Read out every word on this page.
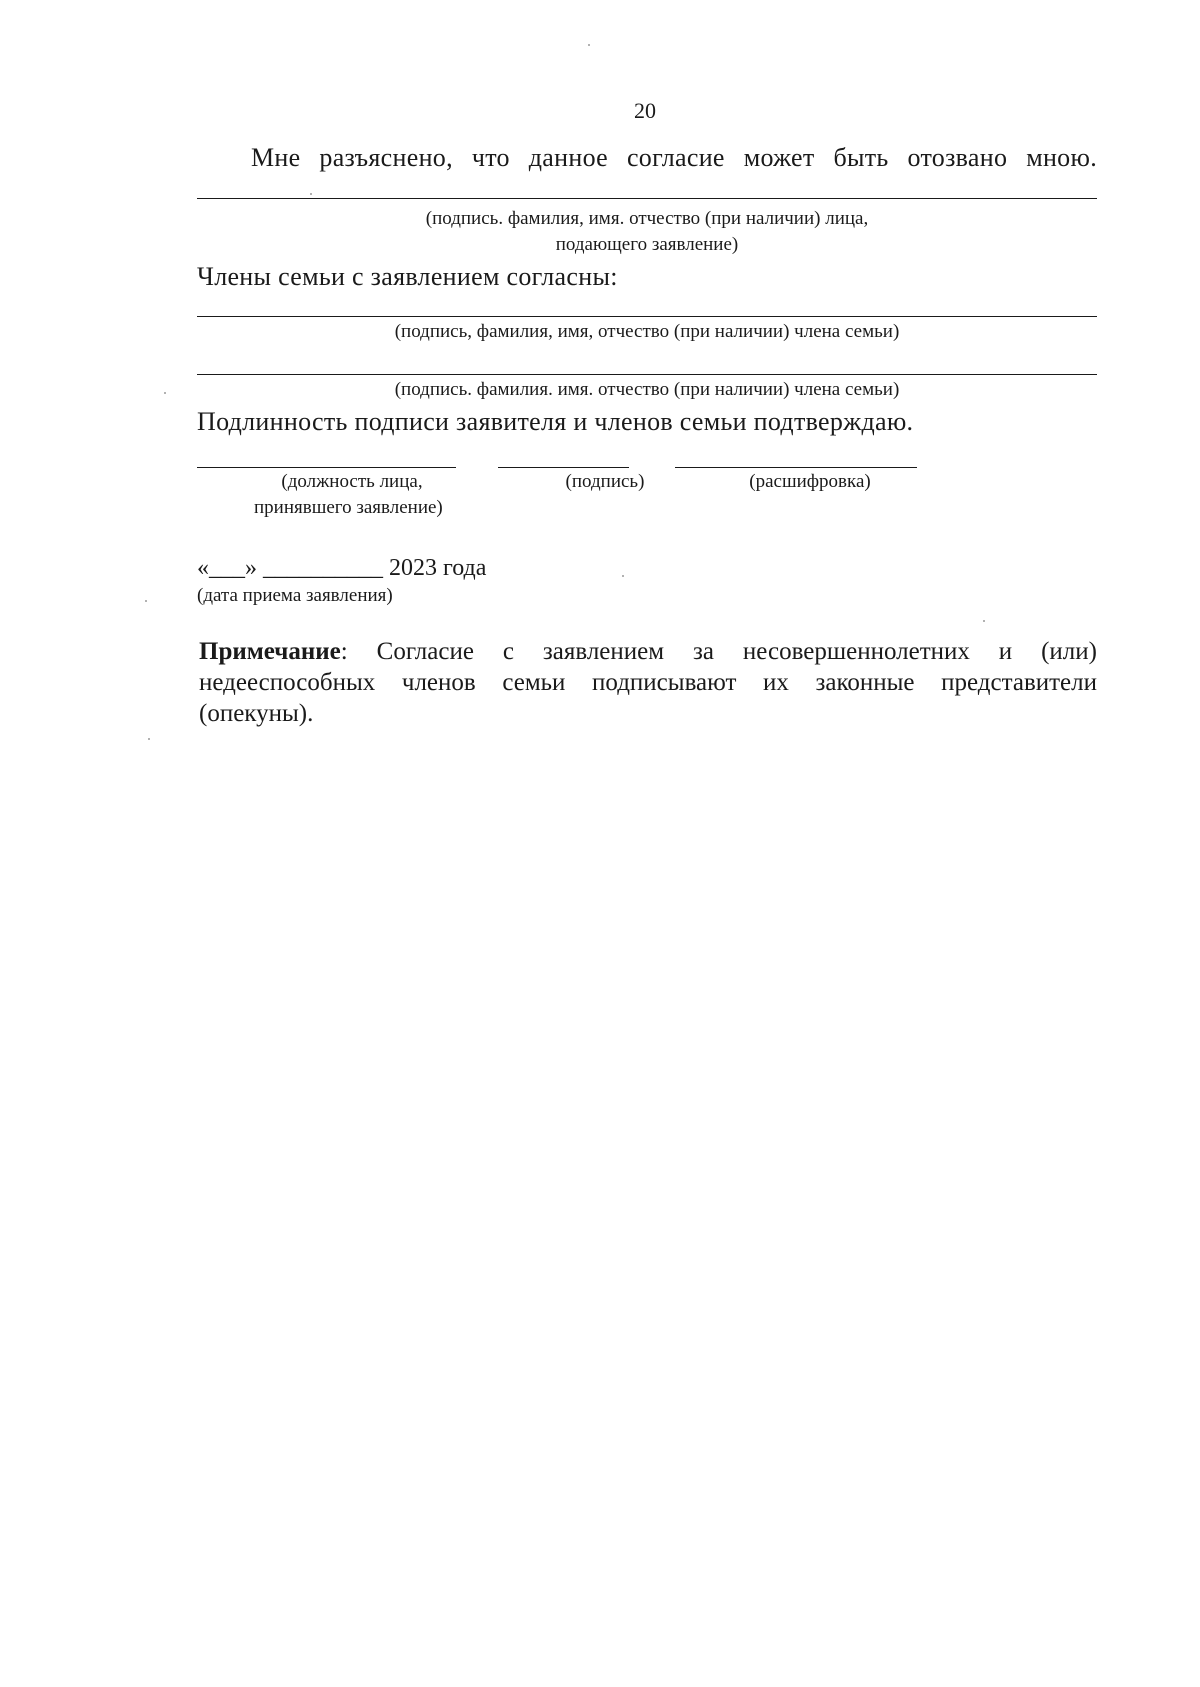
20
Мне разъяснено, что данное согласие может быть отозвано мною.
(подпись. фамилия, имя. отчество (при наличии) лица,
подающего заявление)
Члены семьи с заявлением согласны:
(подпись, фамилия, имя, отчество (при наличии) члена семьи)
(подпись. фамилия. имя. отчество (при наличии) члена семьи)
Подлинность подписи заявителя и членов семьи подтверждаю.
(должность лица,
принявшего заявление)
(подпись)	(расшифровка)
«___» __________ 2023 года
(дата приема заявления)
Примечание: Согласие с заявлением за несовершеннолетних и (или)
недееспособных членов семьи подписывают их законные представители
(опекуны).
